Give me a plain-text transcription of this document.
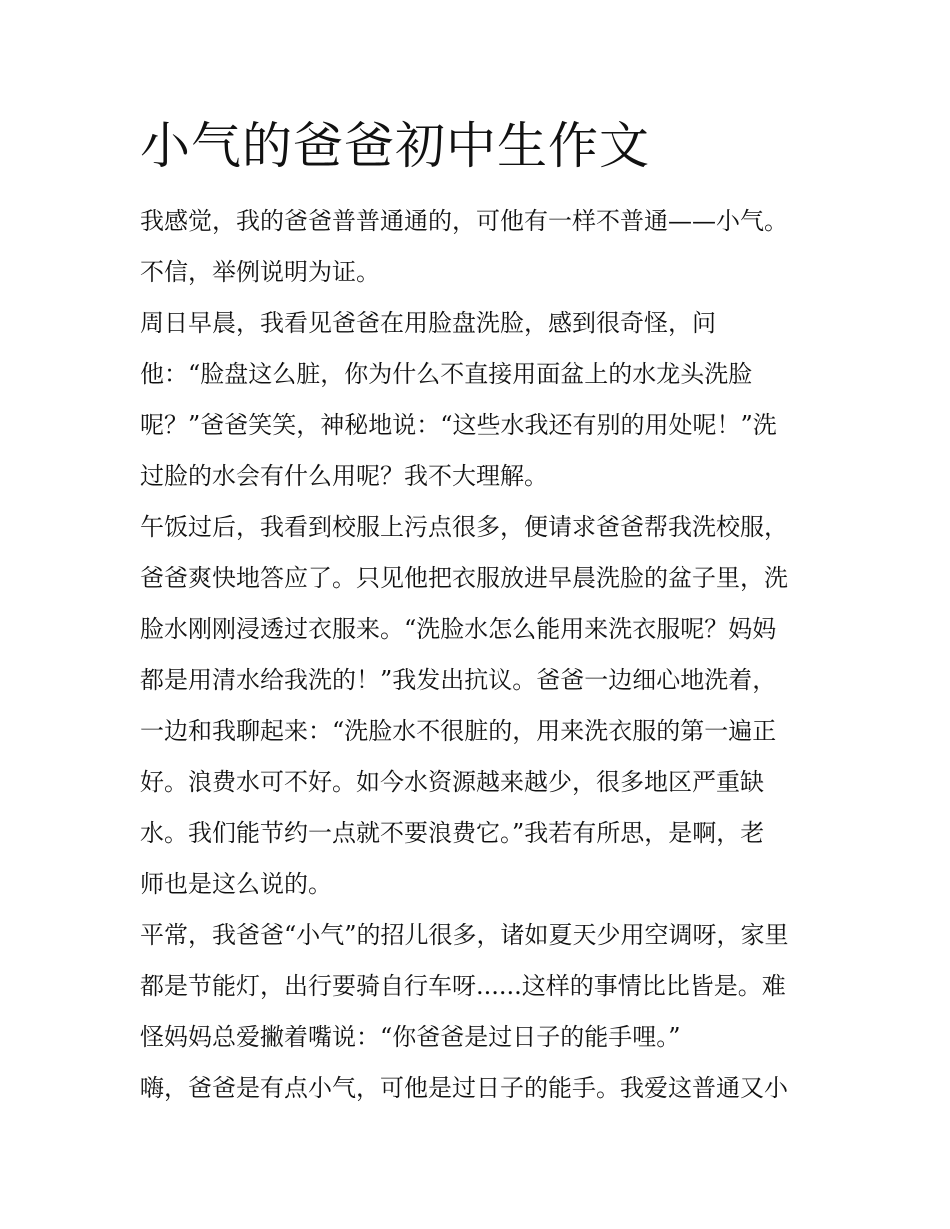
小气的爸爸初中生作文

我感觉，我的爸爸普普通通的，可他有一样不普通——小气。

不信，举例说明为证。

周日早晨，我看见爸爸在用脸盘洗脸，感到很奇怪，问

他：“脸盘这么脏，你为什么不直接用面盆上的水龙头洗脸

呢？”爸爸笑笑，神秘地说：“这些水我还有别的用处呢！”洗

过脸的水会有什么用呢？我不大理解。

午饭过后，我看到校服上污点很多，便请求爸爸帮我洗校服，

爸爸爽快地答应了。只见他把衣服放进早晨洗脸的盆子里，洗

脸水刚刚浸透过衣服来。“洗脸水怎么能用来洗衣服呢？妈妈

都是用清水给我洗的！”我发出抗议。爸爸一边细心地洗着，

一边和我聊起来：“洗脸水不很脏的，用来洗衣服的第一遍正

好。浪费水可不好。如今水资源越来越少，很多地区严重缺

水。我们能节约一点就不要浪费它。”我若有所思，是啊，老

师也是这么说的。

平常，我爸爸“小气”的招儿很多，诸如夏天少用空调呀，家里

都是节能灯，出行要骑自行车呀......这样的事情比比皆是。难

怪妈妈总爱撇着嘴说：“你爸爸是过日子的能手哩。”

嗨，爸爸是有点小气，可他是过日子的能手。我爱这普通又小
